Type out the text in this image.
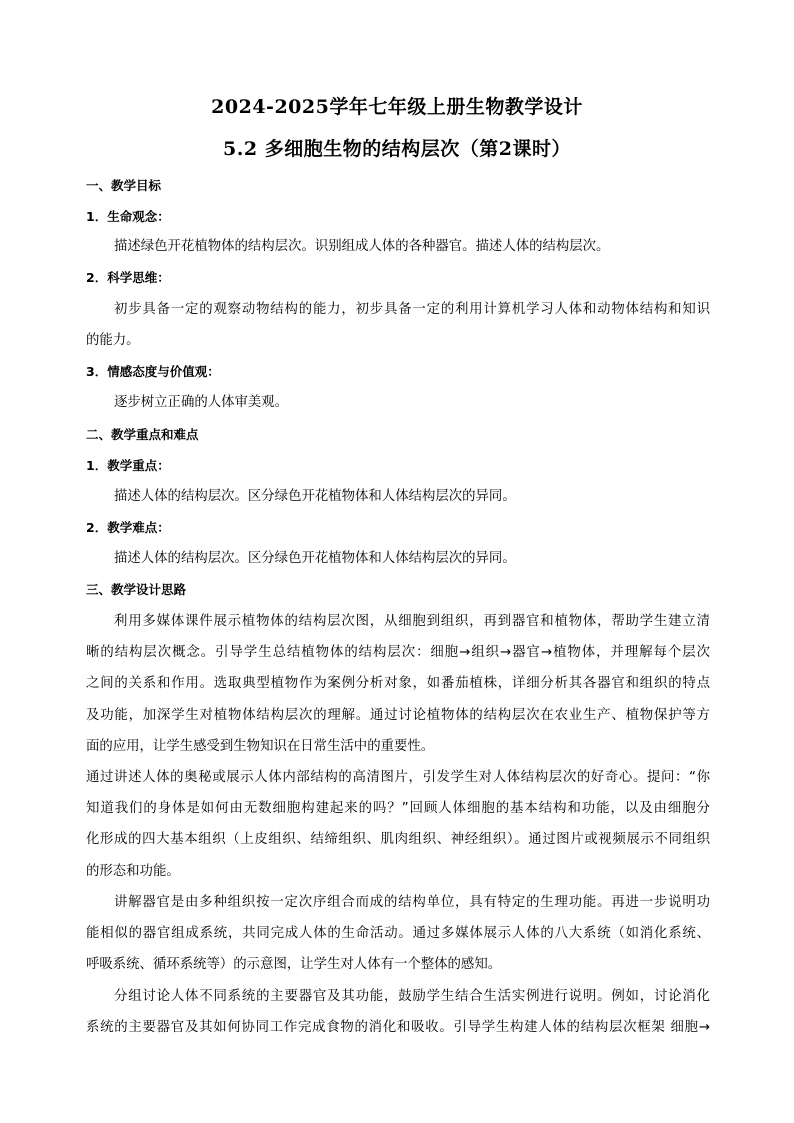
2024-2025学年七年级上册生物教学设计
5.2 多细胞生物的结构层次（第2课时）
一、教学目标
1．生命观念：
描述绿色开花植物体的结构层次。识别组成人体的各种器官。描述人体的结构层次。
2．科学思维：
初步具备一定的观察动物结构的能力，初步具备一定的利用计算机学习人体和动物体结构和知识
的能力。
3．情感态度与价值观：
逐步树立正确的人体审美观。
二、教学重点和难点
1．教学重点：
描述人体的结构层次。区分绿色开花植物体和人体结构层次的异同。
2．教学难点：
描述人体的结构层次。区分绿色开花植物体和人体结构层次的异同。
三、教学设计思路
利用多媒体课件展示植物体的结构层次图，从细胞到组织，再到器官和植物体，帮助学生建立清
晰的结构层次概念。引导学生总结植物体的结构层次：细胞→组织→器官→植物体，并理解每个层次
之间的关系和作用。选取典型植物作为案例分析对象，如番茄植株，详细分析其各器官和组织的特点
及功能，加深学生对植物体结构层次的理解。通过讨论植物体的结构层次在农业生产、植物保护等方
面的应用，让学生感受到生物知识在日常生活中的重要性。
通过讲述人体的奥秘或展示人体内部结构的高清图片，引发学生对人体结构层次的好奇心。提问：“你
知道我们的身体是如何由无数细胞构建起来的吗？”回顾人体细胞的基本结构和功能，以及由细胞分
化形成的四大基本组织（上皮组织、结缔组织、肌肉组织、神经组织）。通过图片或视频展示不同组织
的形态和功能。
讲解器官是由多种组织按一定次序组合而成的结构单位，具有特定的生理功能。再进一步说明功
能相似的器官组成系统，共同完成人体的生命活动。通过多媒体展示人体的八大系统（如消化系统、
呼吸系统、循环系统等）的示意图，让学生对人体有一个整体的感知。
分组讨论人体不同系统的主要器官及其功能，鼓励学生结合生活实例进行说明。例如，讨论消化
系统的主要器官及其如何协同工作完成食物的消化和吸收。引导学生构建人体的结构层次框架 细胞→
